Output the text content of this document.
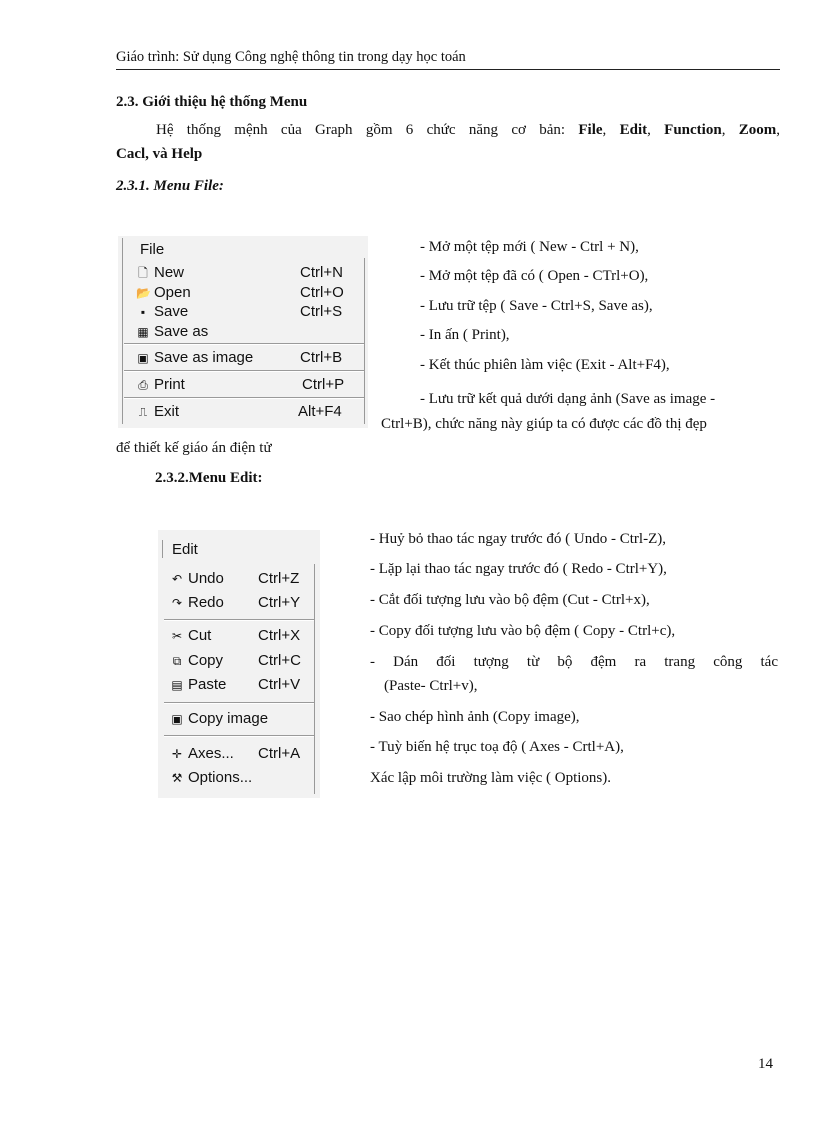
Giáo trình: Sử dụng Công nghệ thông tin trong dạy học toán
2.3. Giới thiệu hệ thống Menu
Hệ thống mệnh của Graph gồm 6 chức năng cơ bản: File, Edit, Function, Zoom,
Cacl, và Help
2.3.1. Menu File:
File
🗋 New	Ctrl+N
📂 Open	Ctrl+O
▪ Save	Ctrl+S
▦ Save as
▣ Save as image	Ctrl+B
⎙ Print	Ctrl+P
⎍ Exit	Alt+F4
- Mở một tệp mới ( New - Ctrl + N),
- Mở một tệp đã có ( Open - CTrl+O),
- Lưu trữ tệp ( Save - Ctrl+S, Save as),
- In ấn ( Print),
- Kết thúc phiên làm việc (Exit - Alt+F4),
- Lưu trữ kết quả dưới dạng ảnh (Save as image -
Ctrl+B), chức năng này giúp ta có được các đồ thị đẹp
để thiết kế giáo án điện tử
2.3.2.Menu Edit:
Edit
↶ Undo Ctrl+Z
↷ Redo Ctrl+Y
✂ Cut	Ctrl+X
⧉ Copy Ctrl+C
▤ Paste Ctrl+V
▣ Copy image
✛ Axes... Ctrl+A
⚒ Options...
- Huỷ bỏ thao tác ngay trước đó ( Undo - Ctrl-Z),
- Lặp lại thao tác ngay trước đó ( Redo - Ctrl+Y),
- Cắt đối tượng lưu vào bộ đệm (Cut - Ctrl+x),
- Copy đối tượng lưu vào bộ đệm ( Copy - Ctrl+c),
- Dán đối tượng từ bộ đệm ra trang công tác
(Paste- Ctrl+v),
- Sao chép hình ảnh (Copy image),
- Tuỳ biến hệ trục toạ độ ( Axes - Crtl+A),
Xác lập môi trường làm việc ( Options).
14
